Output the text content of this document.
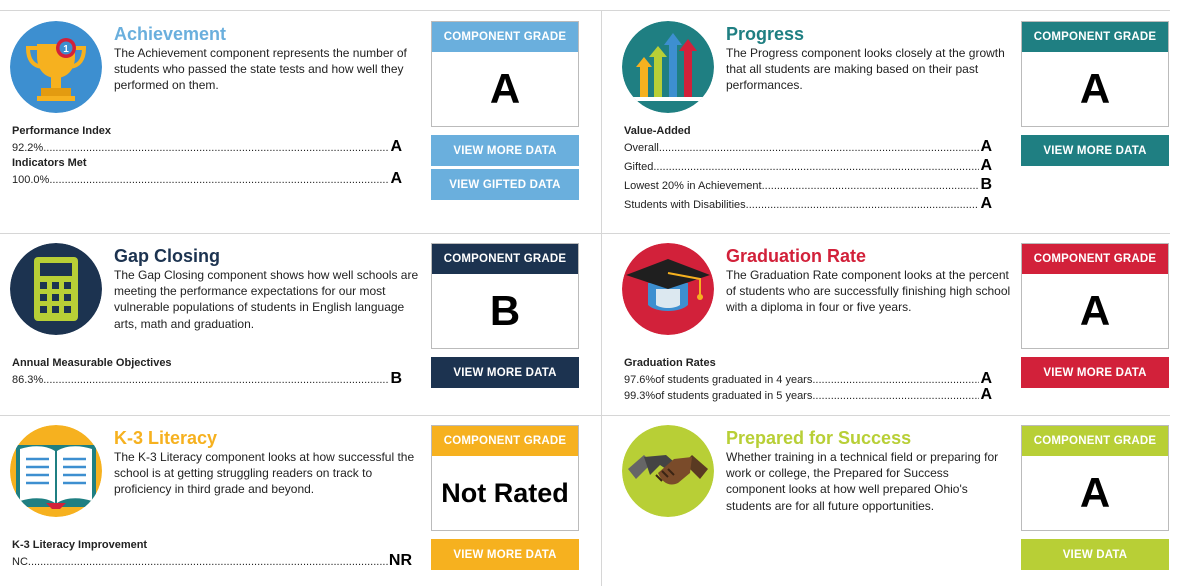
1
Achievement
The Achievement component represents the number of students who passed the state tests and how well they performed on them.
Performance Index
92.2% .....	A
Indicators Met
100.0% .....	A
COMPONENT GRADE
A
VIEW MORE DATA
VIEW GIFTED DATA
Progress
The Progress component looks closely at the growth that all students are making based on their past performances.
Value-Added
Overall .....	A
Gifted .....	A
Lowest 20% in Achievement .....	B
Students with Disabilities .....	A
COMPONENT GRADE
A
VIEW MORE DATA
Gap Closing
The Gap Closing component shows how well schools are meeting the performance expectations for our most vulnerable populations of students in English language arts, math and graduation.
Annual Measurable Objectives
86.3% .....	B
COMPONENT GRADE
B
VIEW MORE DATA
Graduation Rate
The Graduation Rate component looks at the percent of students who are successfully finishing high school with a diploma in four or five years.
Graduation Rates
97.6%of students graduated in 4 years .....	A
99.3%of students graduated in 5 years .....	A
COMPONENT GRADE
A
VIEW MORE DATA
K-3 Literacy
The K-3 Literacy component looks at how successful the school is at getting struggling readers on track to proficiency in third grade and beyond.
K-3 Literacy Improvement
NC .....	NR
COMPONENT GRADE
Not Rated
VIEW MORE DATA
Prepared for Success
Whether training in a technical field or preparing for work or college, the Prepared for Success component looks at how well prepared Ohio's students are for all future opportunities.
COMPONENT GRADE
A
VIEW DATA
